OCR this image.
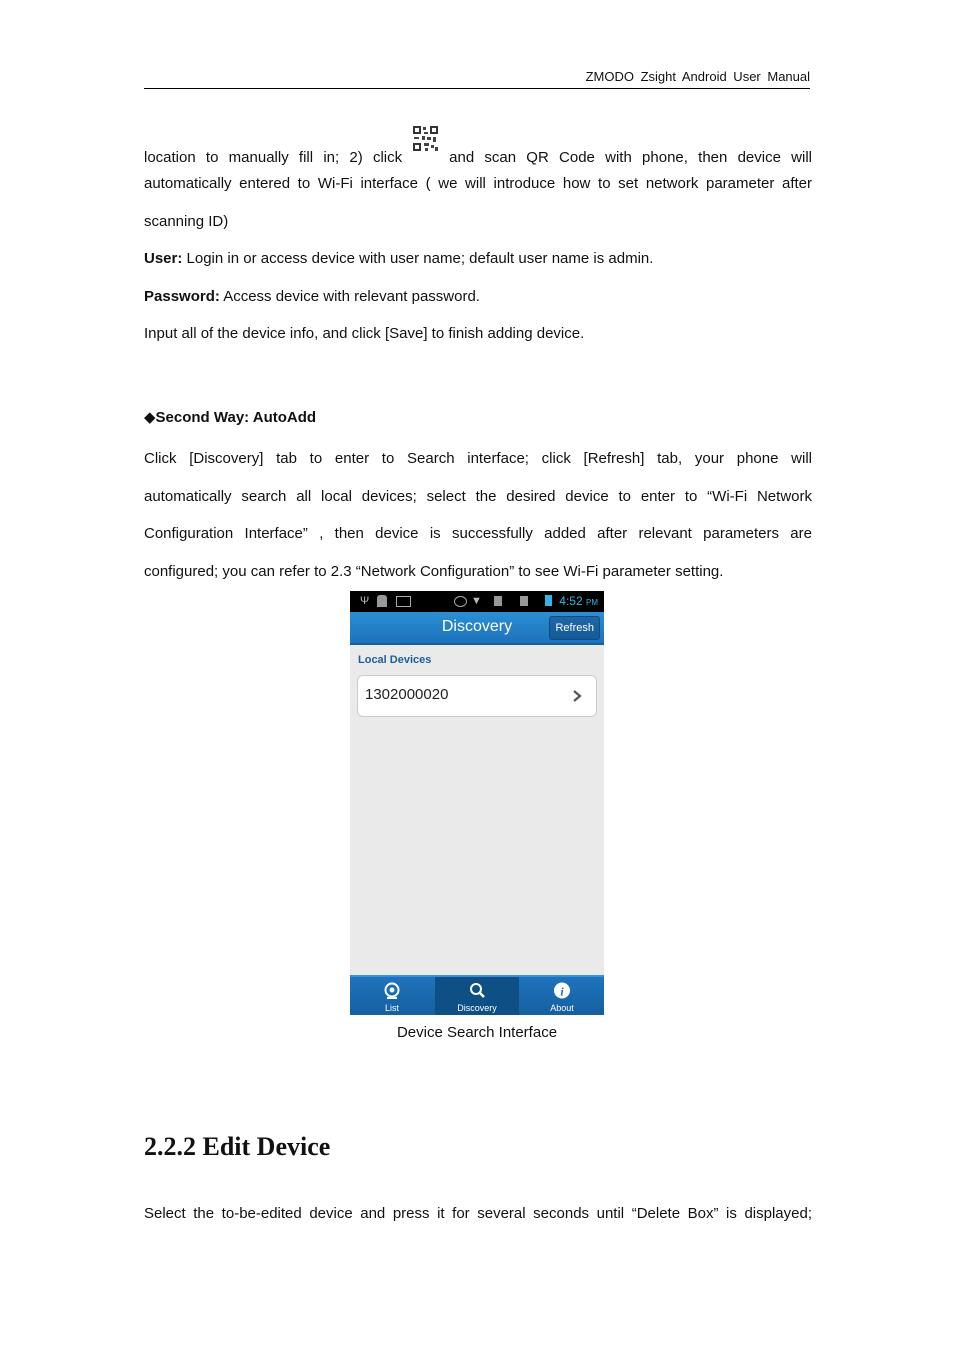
ZMODO Zsight Android User Manual

location to manually fill in; 2) click	and scan QR Code with phone, then device will

automatically entered to Wi-Fi interface ( we will introduce how to set network parameter after

scanning ID)

User: Login in or access device with user name; default user name is admin.

Password: Access device with relevant password.

Input all of the device info, and click [Save] to finish adding device.

◆Second Way: AutoAdd

Click [Discovery] tab to enter to Search interface; click [Refresh] tab, your phone will

automatically search all local devices; select the desired device to enter to “Wi-Fi Network

Configuration Interface” , then device is successfully added after relevant parameters are

configured; you can refer to 2.3 “Network Configuration” to see Wi-Fi parameter setting.

Ψ	▼	4:52 PM
Discovery	Refresh
Local Devices
1302000020
List	Discovery
i
About
Device Search Interface
2.2.2 Edit Device

Select the to-be-edited device and press it for several seconds until “Delete Box” is displayed;
